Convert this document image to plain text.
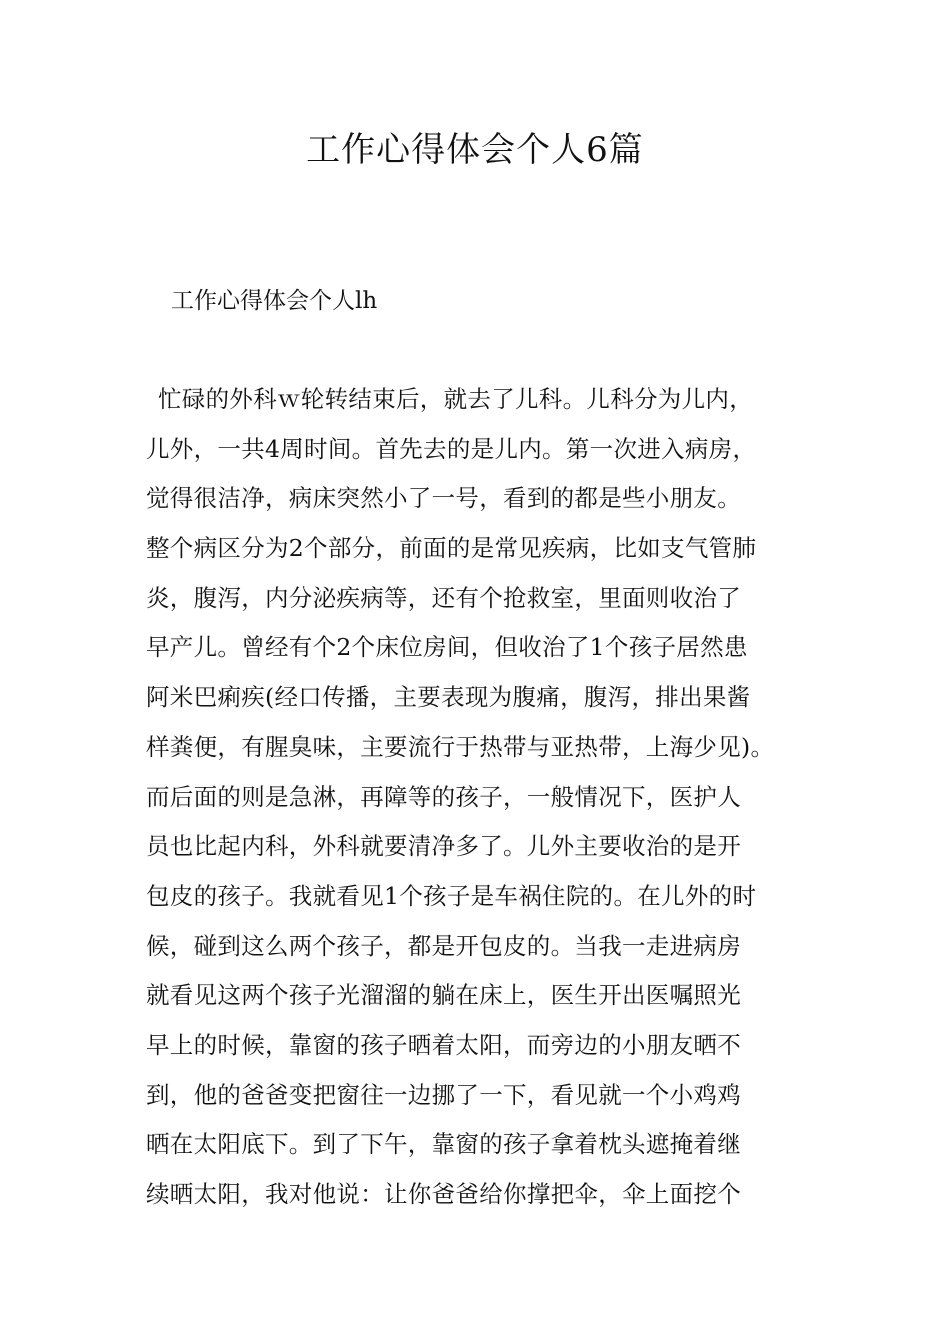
工作心得体会个人6篇
工作心得体会个人lh
忙碌的外科ｗ轮转结束后，就去了儿科。儿科分为儿内，
儿外，一共4周时间。首先去的是儿内。第一次进入病房，
觉得很洁净，病床突然小了一号，看到的都是些小朋友。
整个病区分为2个部分，前面的是常见疾病，比如支气管肺
炎，腹泻，内分泌疾病等，还有个抢救室，里面则收治了
早产儿。曾经有个2个床位房间，但收治了1个孩子居然患
阿米巴痢疾(经口传播，主要表现为腹痛，腹泻，排出果酱
样粪便，有腥臭味，主要流行于热带与亚热带，上海少见)。
而后面的则是急淋，再障等的孩子，一般情况下，医护人
员也比起内科，外科就要清净多了。儿外主要收治的是开
包皮的孩子。我就看见1个孩子是车祸住院的。在儿外的时
候，碰到这么两个孩子，都是开包皮的。当我一走进病房
就看见这两个孩子光溜溜的躺在床上，医生开出医嘱照光
早上的时候，靠窗的孩子晒着太阳，而旁边的小朋友晒不
到，他的爸爸变把窗往一边挪了一下，看见就一个小鸡鸡
晒在太阳底下。到了下午，靠窗的孩子拿着枕头遮掩着继
续晒太阳，我对他说：让你爸爸给你撑把伞，伞上面挖个
